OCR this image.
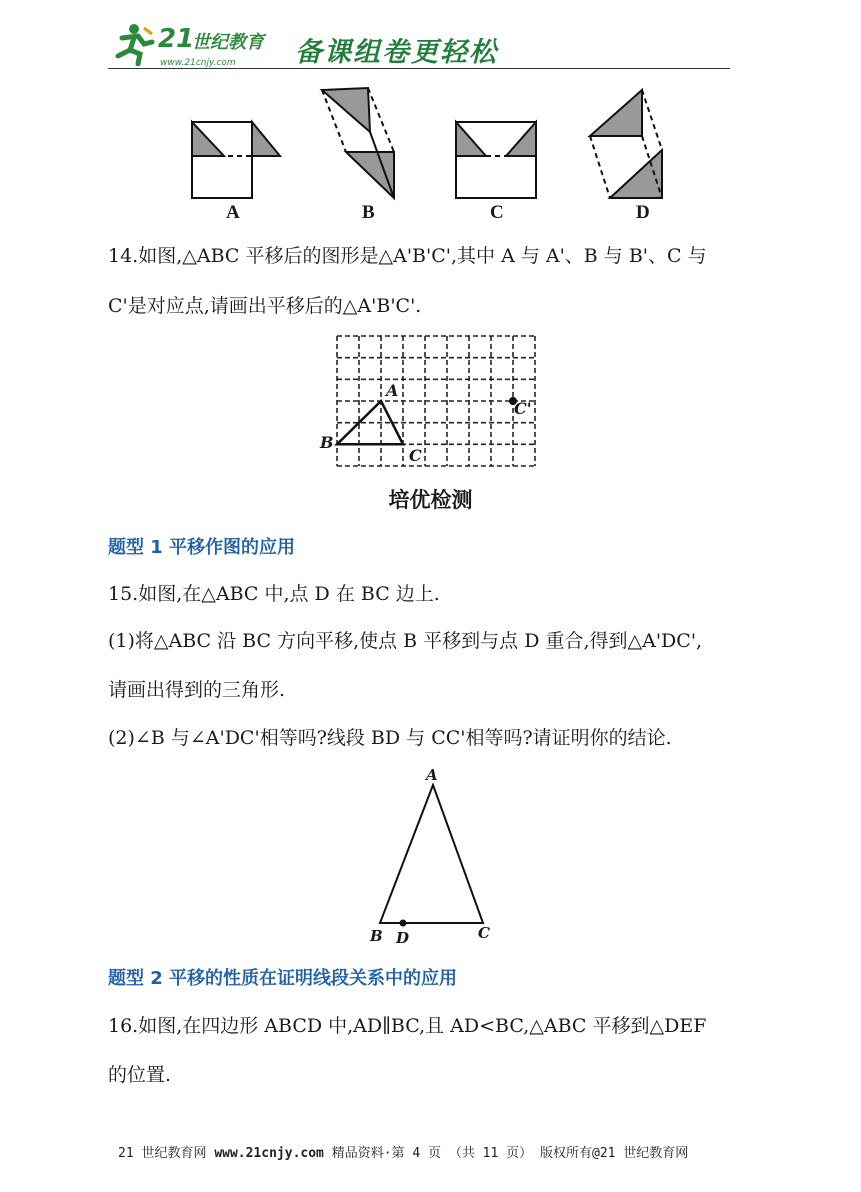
21
世纪教育
www.21cnjy.com 备课组卷更轻松
A	B	C	D
14.如图,△ABC 平移后的图形是△A'B'C',其中 A 与 A'、B 与 B'、C 与
C'是对应点,请画出平移后的△A'B'C'.
A
B
C
C'
培优检测
题型 1 平移作图的应用
15.如图,在△ABC 中,点 D 在 BC 边上.
(1)将△ABC 沿 BC 方向平移,使点 B 平移到与点 D 重合,得到△A'DC',
请画出得到的三角形.
(2)∠B 与∠A'DC'相等吗?线段 BD 与 CC'相等吗?请证明你的结论.
A
B D	C
题型 2 平移的性质在证明线段关系中的应用
16.如图,在四边形 ABCD 中,AD∥BC,且 AD<BC,△ABC 平移到△DEF
的位置.
21 世纪教育网 www.21cnjy.com 精品资料·第 4 页 （共 11 页） 版权所有@21 世纪教育网
